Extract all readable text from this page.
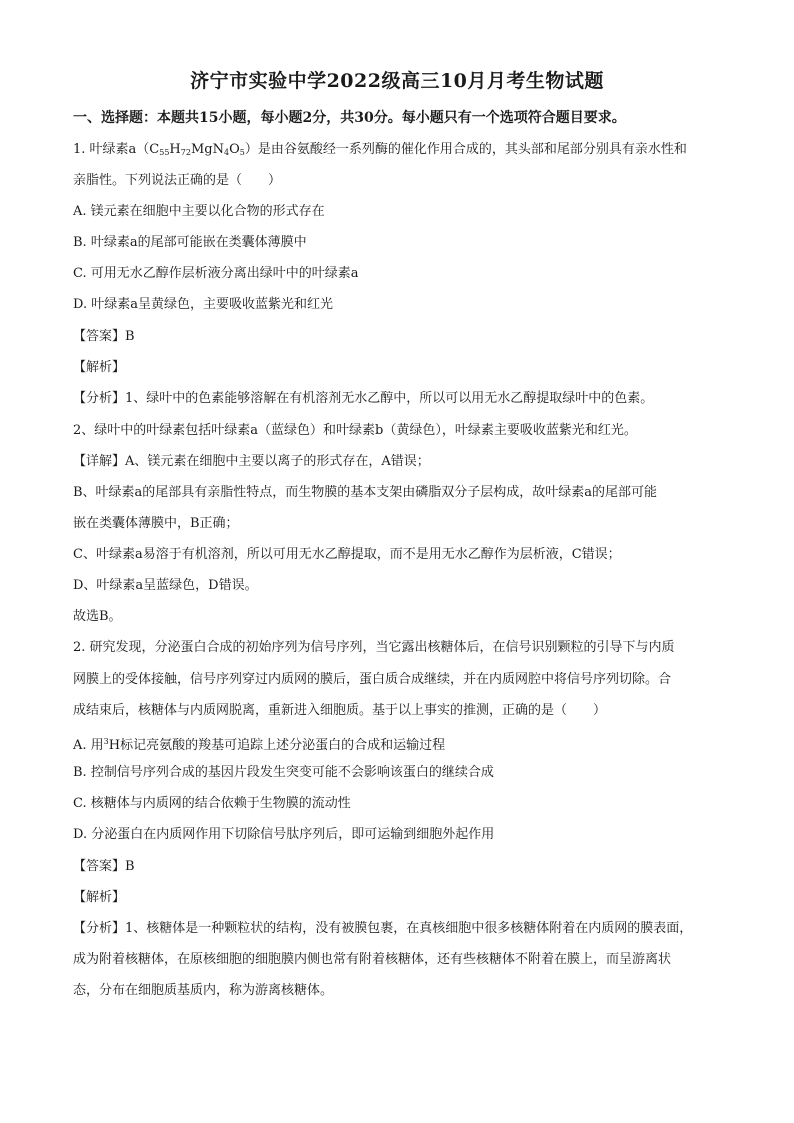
济宁市实验中学2022级高三10月月考生物试题
一、选择题：本题共15小题，每小题2分，共30分。每小题只有一个选项符合题目要求。
1. 叶绿素$a(C_{55}H_{72}MgN_4O_5)$是由谷氨酸经一系列酶的催化作用合成的，其头部和尾部分别具有亲水性和
亲脂性。下列说法正确的是（　　）
A. 镁元素在细胞中主要以化合物的形式存在
B. 叶绿素a的尾部可能嵌在类囊体薄膜中
C. 可用无水乙醇作层析液分离出绿叶中的叶绿素a
D. 叶绿素a呈黄绿色，主要吸收蓝紫光和红光
【答案】B
【解析】
【分析】1、绿叶中的色素能够溶解在有机溶剂无水乙醇中，所以可以用无水乙醇提取绿叶中的色素。
2、绿叶中的叶绿素包括叶绿素a（蓝绿色）和叶绿素b（黄绿色），叶绿素主要吸收蓝紫光和红光。
【详解】A、镁元素在细胞中主要以离子的形式存在，A错误；
B、叶绿素a的尾部具有亲脂性特点，而生物膜的基本支架由磷脂双分子层构成，故叶绿素a的尾部可能
嵌在类囊体薄膜中，B正确；
C、叶绿素a易溶于有机溶剂，所以可用无水乙醇提取，而不是用无水乙醇作为层析液，C错误；
D、叶绿素a呈蓝绿色，D错误。
故选B。
2. 研究发现，分泌蛋白合成的初始序列为信号序列，当它露出核糖体后，在信号识别颗粒的引导下与内质
网膜上的受体接触，信号序列穿过内质网的膜后，蛋白质合成继续，并在内质网腔中将信号序列切除。合
成结束后，核糖体与内质网脱离，重新进入细胞质。基于以上事实的推测，正确的是（　　）
A. 用$^3$H标记亮氨酸的羧基可追踪上述分泌蛋白的合成和运输过程
B. 控制信号序列合成的基因片段发生突变可能不会影响该蛋白的继续合成
C. 核糖体与内质网的结合依赖于生物膜的流动性
D. 分泌蛋白在内质网作用下切除信号肽序列后，即可运输到细胞外起作用
【答案】B
【解析】
【分析】1、核糖体是一种颗粒状的结构，没有被膜包裹，在真核细胞中很多核糖体附着在内质网的膜表面，
成为附着核糖体，在原核细胞的细胞膜内侧也常有附着核糖体，还有些核糖体不附着在膜上，而呈游离状
态，分布在细胞质基质内，称为游离核糖体。
